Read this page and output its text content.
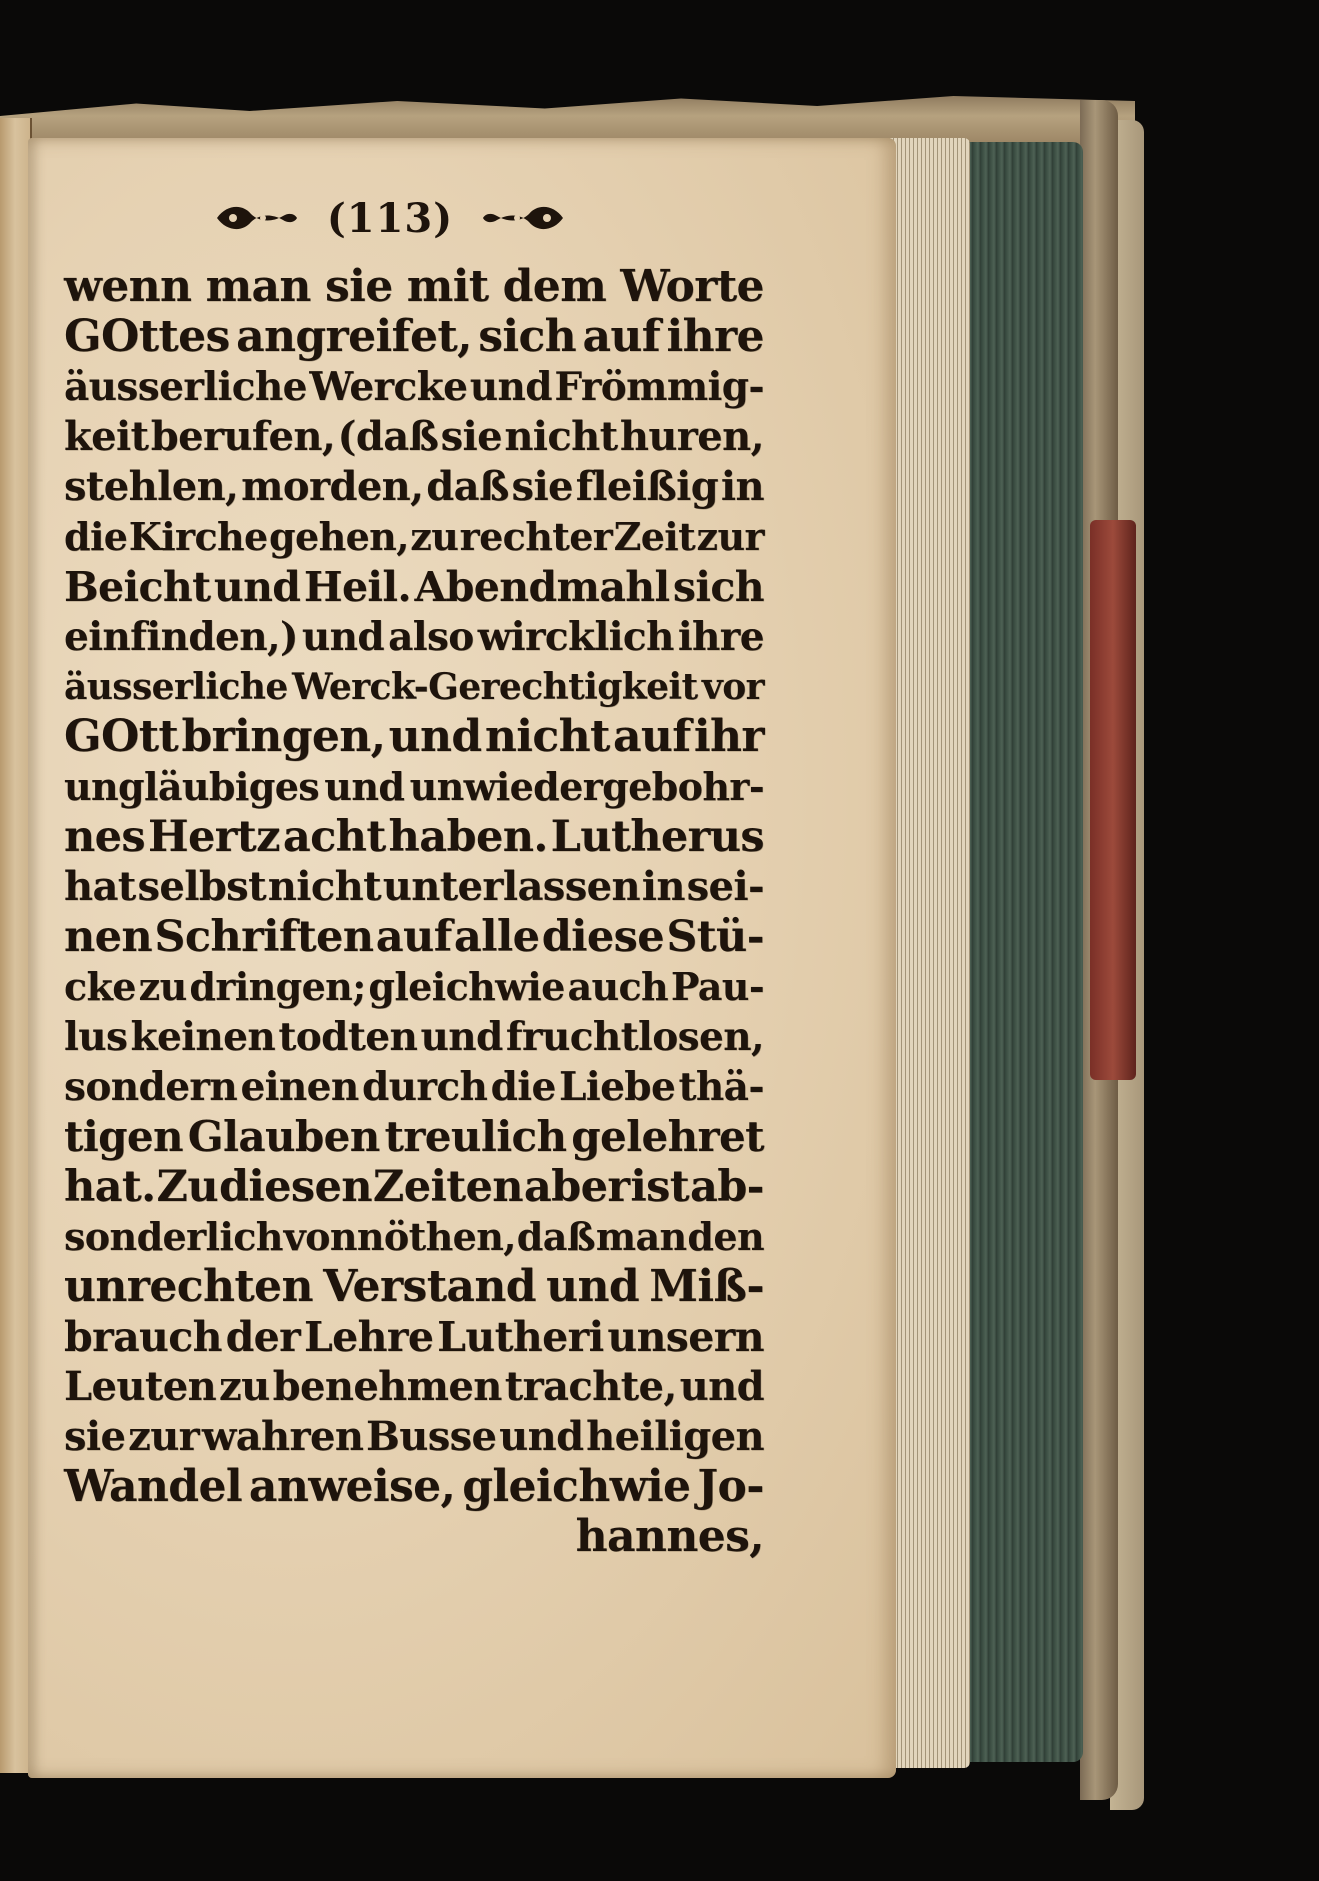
(113)
wenn man sie mit dem Worte
GOttes angreifet, sich auf ihre
äusserliche Wercke und Frömmig-
keit berufen, (daß sie nicht huren,
stehlen, morden, daß sie fleißig in
die Kirche gehen, zu rechter Zeit zur
Beicht und Heil. Abendmahl sich
einfinden,) und also wircklich ihre
äusserliche Werck-Gerechtigkeit vor
GOtt bringen, und nicht auf ihr
ungläubiges und unwiedergebohr-
nes Hertz acht haben. Lutherus
hat selbst nicht unterlassen in sei-
nen Schriften auf alle diese Stü-
cke zu dringen; gleichwie auch Pau-
lus keinen todten und fruchtlosen,
sondern einen durch die Liebe thä-
tigen Glauben treulich gelehret
hat. Zu diesen Zeiten aber ist ab-
sonderlich vonnöthen, daß man den
unrechten Verstand und Miß-
brauch der Lehre Lutheri unsern
Leuten zu benehmen trachte, und
sie zur wahren Busse und heiligen
Wandel anweise, gleichwie Jo-
hannes,
